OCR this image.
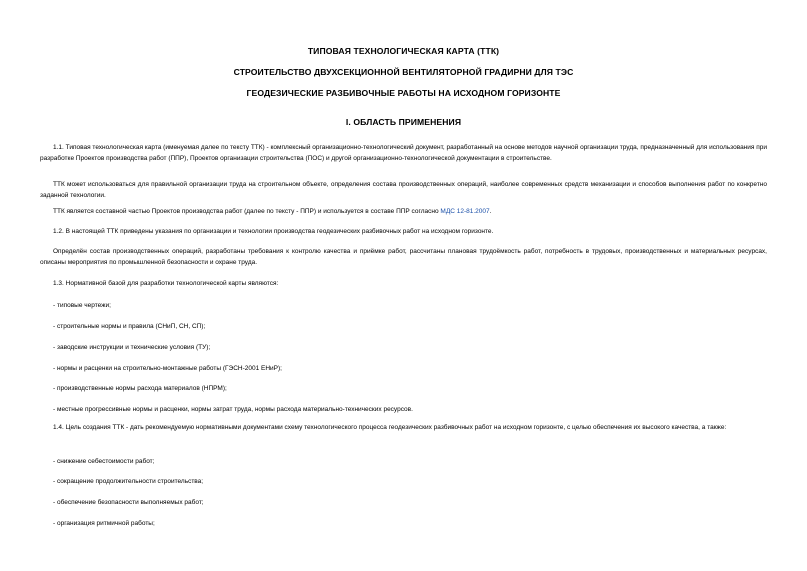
ТИПОВАЯ ТЕХНОЛОГИЧЕСКАЯ КАРТА (ТТК)
СТРОИТЕЛЬСТВО ДВУХСЕКЦИОННОЙ ВЕНТИЛЯТОРНОЙ ГРАДИРНИ ДЛЯ ТЭС
ГЕОДЕЗИЧЕСКИЕ РАЗБИВОЧНЫЕ РАБОТЫ НА ИСХОДНОМ ГОРИЗОНТЕ
I. ОБЛАСТЬ ПРИМЕНЕНИЯ
1.1. Типовая технологическая карта (именуемая далее по тексту ТТК) - комплексный организационно-технологический документ, разработанный на основе методов научной организации труда, предназначенный для использования при разработке Проектов производства работ (ППР), Проектов организации строительства (ПОС) и другой организационно-технологической документации в строительстве.
ТТК может использоваться для правильной организации труда на строительном объекте, определения состава производственных операций, наиболее современных средств механизации и способов выполнения работ по конкретно заданной технологии.
ТТК является составной частью Проектов производства работ (далее по тексту - ППР) и используется в составе ППР согласно МДС 12-81.2007.
1.2. В настоящей ТТК приведены указания по организации и технологии производства геодезических разбивочных работ на исходном горизонте.
Определён состав производственных операций, разработаны требования к контролю качества и приёмке работ, рассчитаны плановая трудоёмкость работ, потребность в трудовых, производственных и материальных ресурсах, описаны мероприятия по промышленной безопасности и охране труда.
1.3. Нормативной базой для разработки технологической карты являются:
- типовые чертежи;
- строительные нормы и правила (СНиП, СН, СП);
- заводские инструкции и технические условия (ТУ);
- нормы и расценки на строительно-монтажные работы (ГЭСН-2001 ЕНиР);
- производственные нормы расхода материалов (НПРМ);
- местные прогрессивные нормы и расценки, нормы затрат труда, нормы расхода материально-технических ресурсов.
1.4. Цель создания ТТК - дать рекомендуемую нормативными документами схему технологического процесса геодезических разбивочных работ на исходном горизонте, с целью обеспечения их высокого качества, а также:
- снижение себестоимости работ;
- сокращение продолжительности строительства;
- обеспечение безопасности выполняемых работ;
- организация ритмичной работы;
